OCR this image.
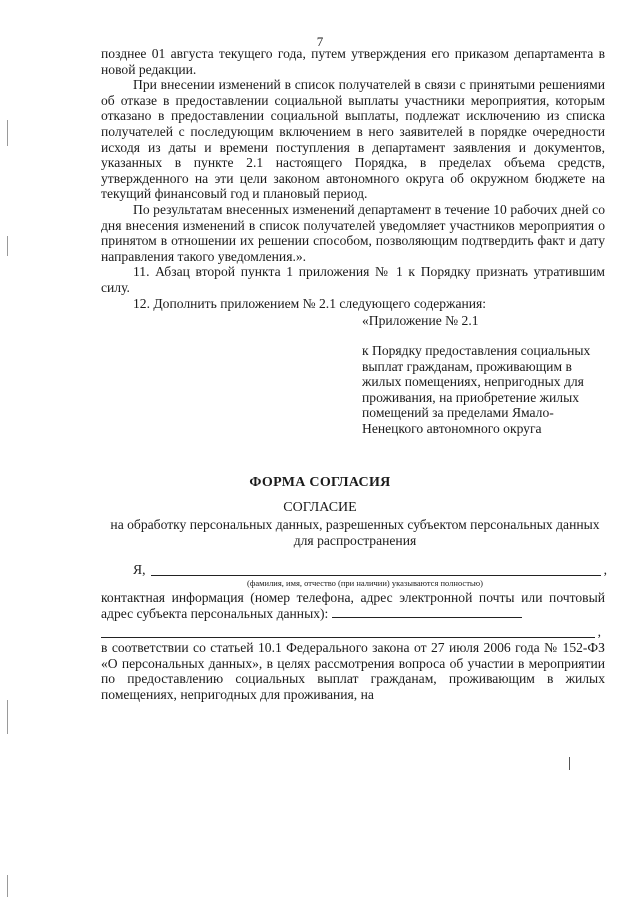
7

позднее 01 августа текущего года, путем утверждения его приказом департамента в новой редакции.

При внесении изменений в список получателей в связи с принятыми решениями об отказе в предоставлении социальной выплаты участники мероприятия, которым отказано в предоставлении социальной выплаты, подлежат исключению из списка получателей с последующим включением в него заявителей в порядке очередности исходя из даты и времени поступления в департамент заявления и документов, указанных в пункте 2.1 настоящего Порядка, в пределах объема средств, утвержденного на эти цели законом автономного округа об окружном бюджете на текущий финансовый год и плановый период.

По результатам внесенных изменений департамент в течение 10 рабочих дней со дня внесения изменений в список получателей уведомляет участников мероприятия о принятом в отношении их решении способом, позволяющим подтвердить факт и дату направления такого уведомления.».

11. Абзац второй пункта 1 приложения № 1 к Порядку признать утратившим силу.

12. Дополнить приложением № 2.1 следующего содержания:

«Приложение № 2.1
к Порядку предоставления социальных выплат гражданам, проживающим в жилых помещениях, непригодных для проживания, на приобретение жилых помещений за пределами Ямало-Ненецкого автономного округа
ФОРМА СОГЛАСИЯ
СОГЛАСИЕ
на обработку персональных данных, разрешенных субъектом персональных данных для распространения
Я,	,
(фамилия, имя, отчество (при наличии) указываются полностью)

контактная информация (номер телефона, адрес электронной почты или почтовый адрес субъекта персональных данных):

,

в соответствии со статьей 10.1 Федерального закона от 27 июля 2006 года № 152-ФЗ «О персональных данных», в целях рассмотрения вопроса об участии в мероприятии по предоставлению социальных выплат гражданам, проживающим в жилых помещениях, непригодных для проживания, на
